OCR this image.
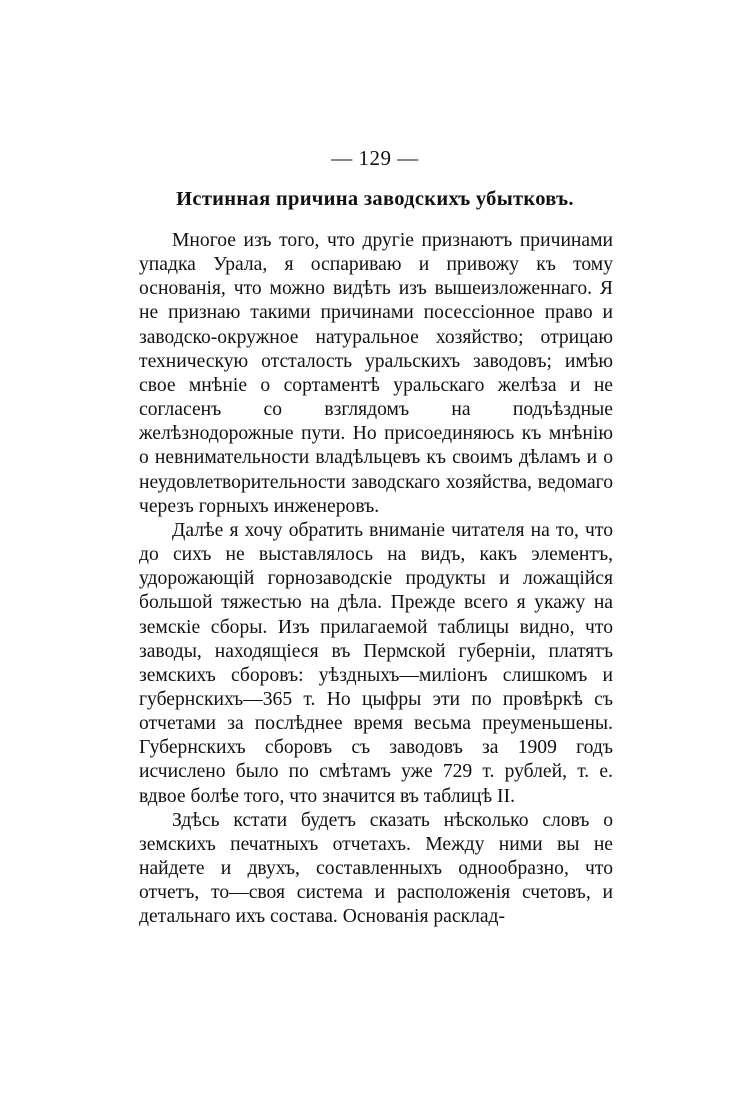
— 129 —
Истинная причина заводскихъ убытковъ.

Многое изъ того, что другіе признаютъ причинами упадка Урала, я оспариваю и привожу къ тому основанія, что можно видѣть изъ вышеизложеннаго. Я не признаю такими причинами посессіонное право и заводско-окружное натуральное хозяйство; отрицаю техническую отсталость уральскихъ заводовъ; имѣю свое мнѣніе о сортаментѣ уральскаго желѣза и не согласенъ со взглядомъ на подъѣздные желѣзнодорожные пути. Но присоединяюсь къ мнѣнію о невнимательности владѣльцевъ къ своимъ дѣламъ и о неудовлетворительности заводскаго хозяйства, ведомаго черезъ горныхъ инженеровъ.

Далѣе я хочу обратить вниманіе читателя на то, что до сихъ не выставлялось на видъ, какъ элементъ, удорожающій горнозаводскіе продукты и ложащійся большой тяжестью на дѣла. Прежде всего я укажу на земскіе сборы. Изъ прилагаемой таблицы видно, что заводы, находящіеся въ Пермской губерніи, платятъ земскихъ сборовъ: уѣздныхъ—миліонъ слишкомъ и губернскихъ—365 т. Но цыфры эти по провѣркѣ съ отчетами за послѣднее время весьма преуменьшены. Губернскихъ сборовъ съ заводовъ за 1909 годъ исчислено было по смѣтамъ уже 729 т. рублей, т. е. вдвое болѣе того, что значится въ таблицѣ II.

Здѣсь кстати будетъ сказать нѣсколько словъ о земскихъ печатныхъ отчетахъ. Между ними вы не найдете и двухъ, составленныхъ однообразно, что отчетъ, то—своя система и расположенія счетовъ, и детальнаго ихъ состава. Основанія расклад-
